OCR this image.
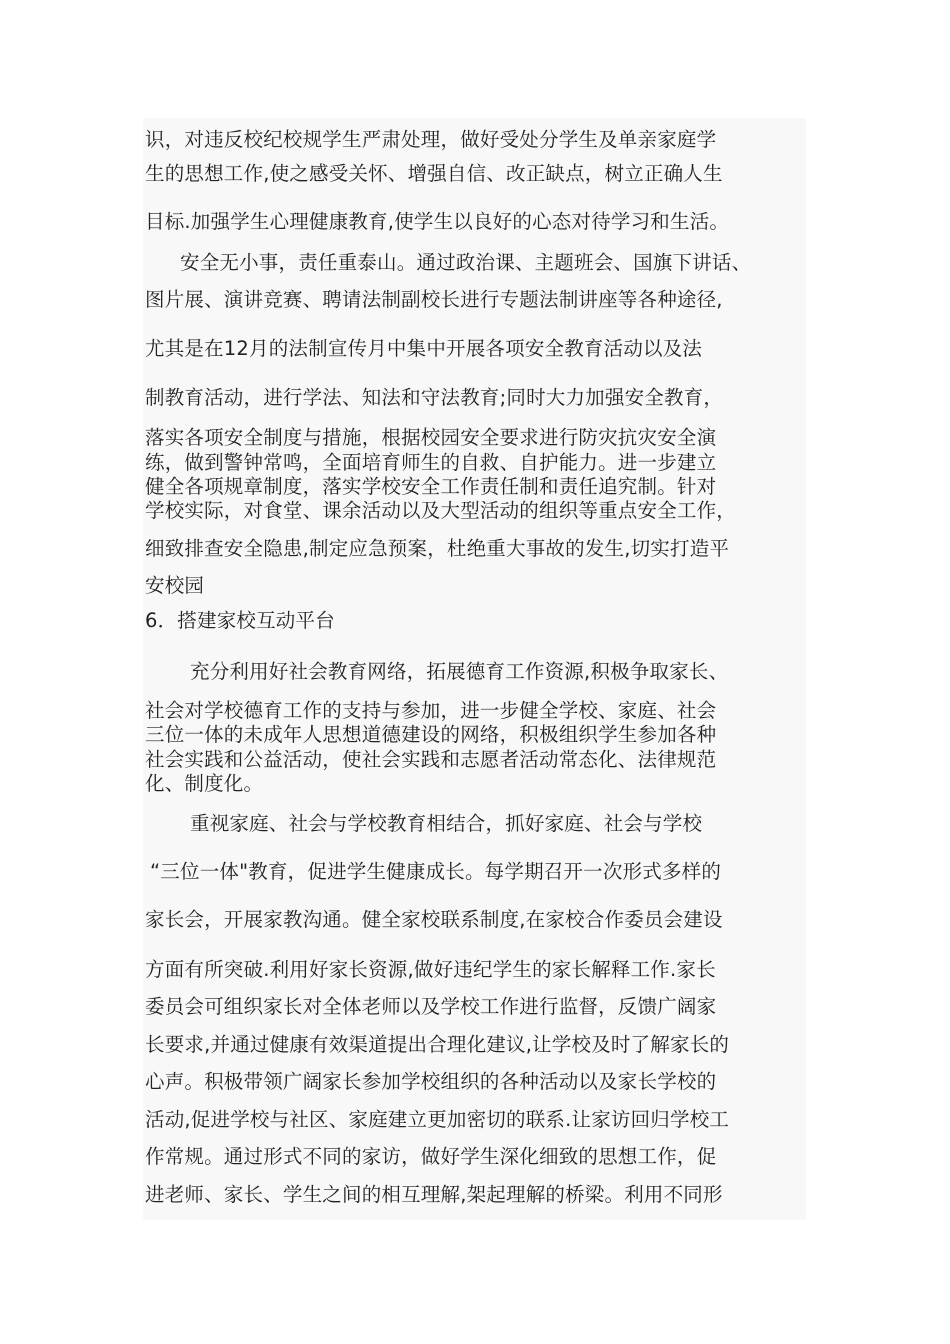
识，对违反校纪校规学生严肃处理，做好受处分学生及单亲家庭学
生的思想工作,使之感受关怀、增强自信、改正缺点，树立正确人生
目标.加强学生心理健康教育,使学生以良好的心态对待学习和生活。
安全无小事，责任重泰山。通过政治课、主题班会、国旗下讲话、
图片展、演讲竞赛、聘请法制副校长进行专题法制讲座等各种途径,
尤其是在12月的法制宣传月中集中开展各项安全教育活动以及法
制教育活动，进行学法、知法和守法教育;同时大力加强安全教育，
落实各项安全制度与措施，根据校园安全要求进行防灾抗灾安全演
练，做到警钟常鸣，全面培育师生的自救、自护能力。进一步建立
健全各项规章制度，落实学校安全工作责任制和责任追究制。针对
学校实际，对食堂、课余活动以及大型活动的组织等重点安全工作，
细致排查安全隐患,制定应急预案，杜绝重大事故的发生,切实打造平
安校园
6．搭建家校互动平台
充分利用好社会教育网络，拓展德育工作资源,积极争取家长、
社会对学校德育工作的支持与参加，进一步健全学校、家庭、社会
三位一体的未成年人思想道德建设的网络，积极组织学生参加各种
社会实践和公益活动，使社会实践和志愿者活动常态化、法律规范
化、制度化。
重视家庭、社会与学校教育相结合，抓好家庭、社会与学校
“三位一体"教育，促进学生健康成长。每学期召开一次形式多样的
家长会，开展家教沟通。健全家校联系制度,在家校合作委员会建设
方面有所突破.利用好家长资源,做好违纪学生的家长解释工作.家长
委员会可组织家长对全体老师以及学校工作进行监督，反馈广阔家
长要求,并通过健康有效渠道提出合理化建议,让学校及时了解家长的
心声。积极带领广阔家长参加学校组织的各种活动以及家长学校的
活动,促进学校与社区、家庭建立更加密切的联系.让家访回归学校工
作常规。通过形式不同的家访，做好学生深化细致的思想工作，促
进老师、家长、学生之间的相互理解,架起理解的桥梁。利用不同形
